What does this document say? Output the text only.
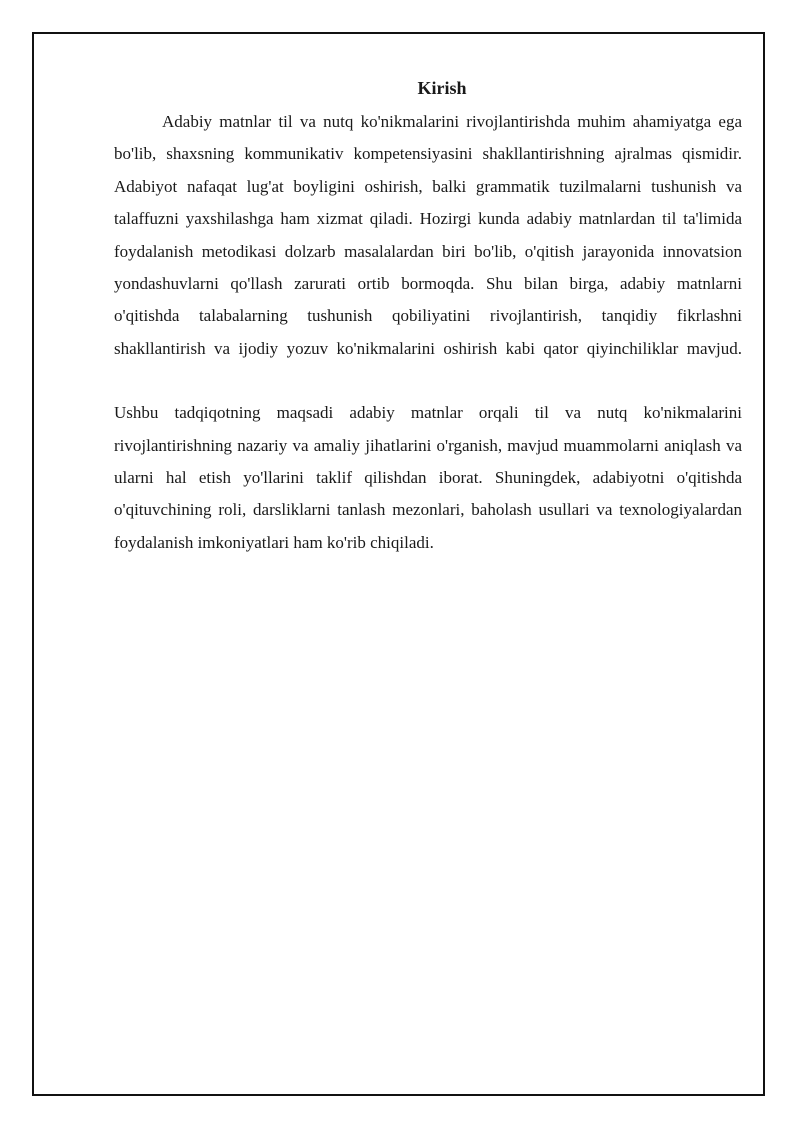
Kirish

Adabiy matnlar til va nutq ko'nikmalarini rivojlantirishda muhim ahamiyatga ega bo'lib, shaxsning kommunikativ kompetensiyasini shakllantirishning ajralmas qismidir. Adabiyot nafaqat lug'at boyligini oshirish, balki grammatik tuzilmalarni tushunish va talaffuzni yaxshilashga ham xizmat qiladi. Hozirgi kunda adabiy matnlardan til ta'limida foydalanish metodikasi dolzarb masalalardan biri bo'lib, o'qitish jarayonida innovatsion yondashuvlarni qo'llash zarurati ortib bormoqda. Shu bilan birga, adabiy matnlarni o'qitishda talabalarning tushunish qobiliyatini rivojlantirish, tanqidiy fikrlashni shakllantirish va ijodiy yozuv ko'nikmalarini oshirish kabi qator qiyinchiliklar mavjud.

Ushbu tadqiqotning maqsadi adabiy matnlar orqali til va nutq ko'nikmalarini rivojlantirishning nazariy va amaliy jihatlarini o'rganish, mavjud muammolarni aniqlash va ularni hal etish yo'llarini taklif qilishdan iborat. Shuningdek, adabiyotni o'qitishda o'qituvchining roli, darsliklarni tanlash mezonlari, baholash usullari va texnologiyalardan foydalanish imkoniyatlari ham ko'rib chiqiladi.
